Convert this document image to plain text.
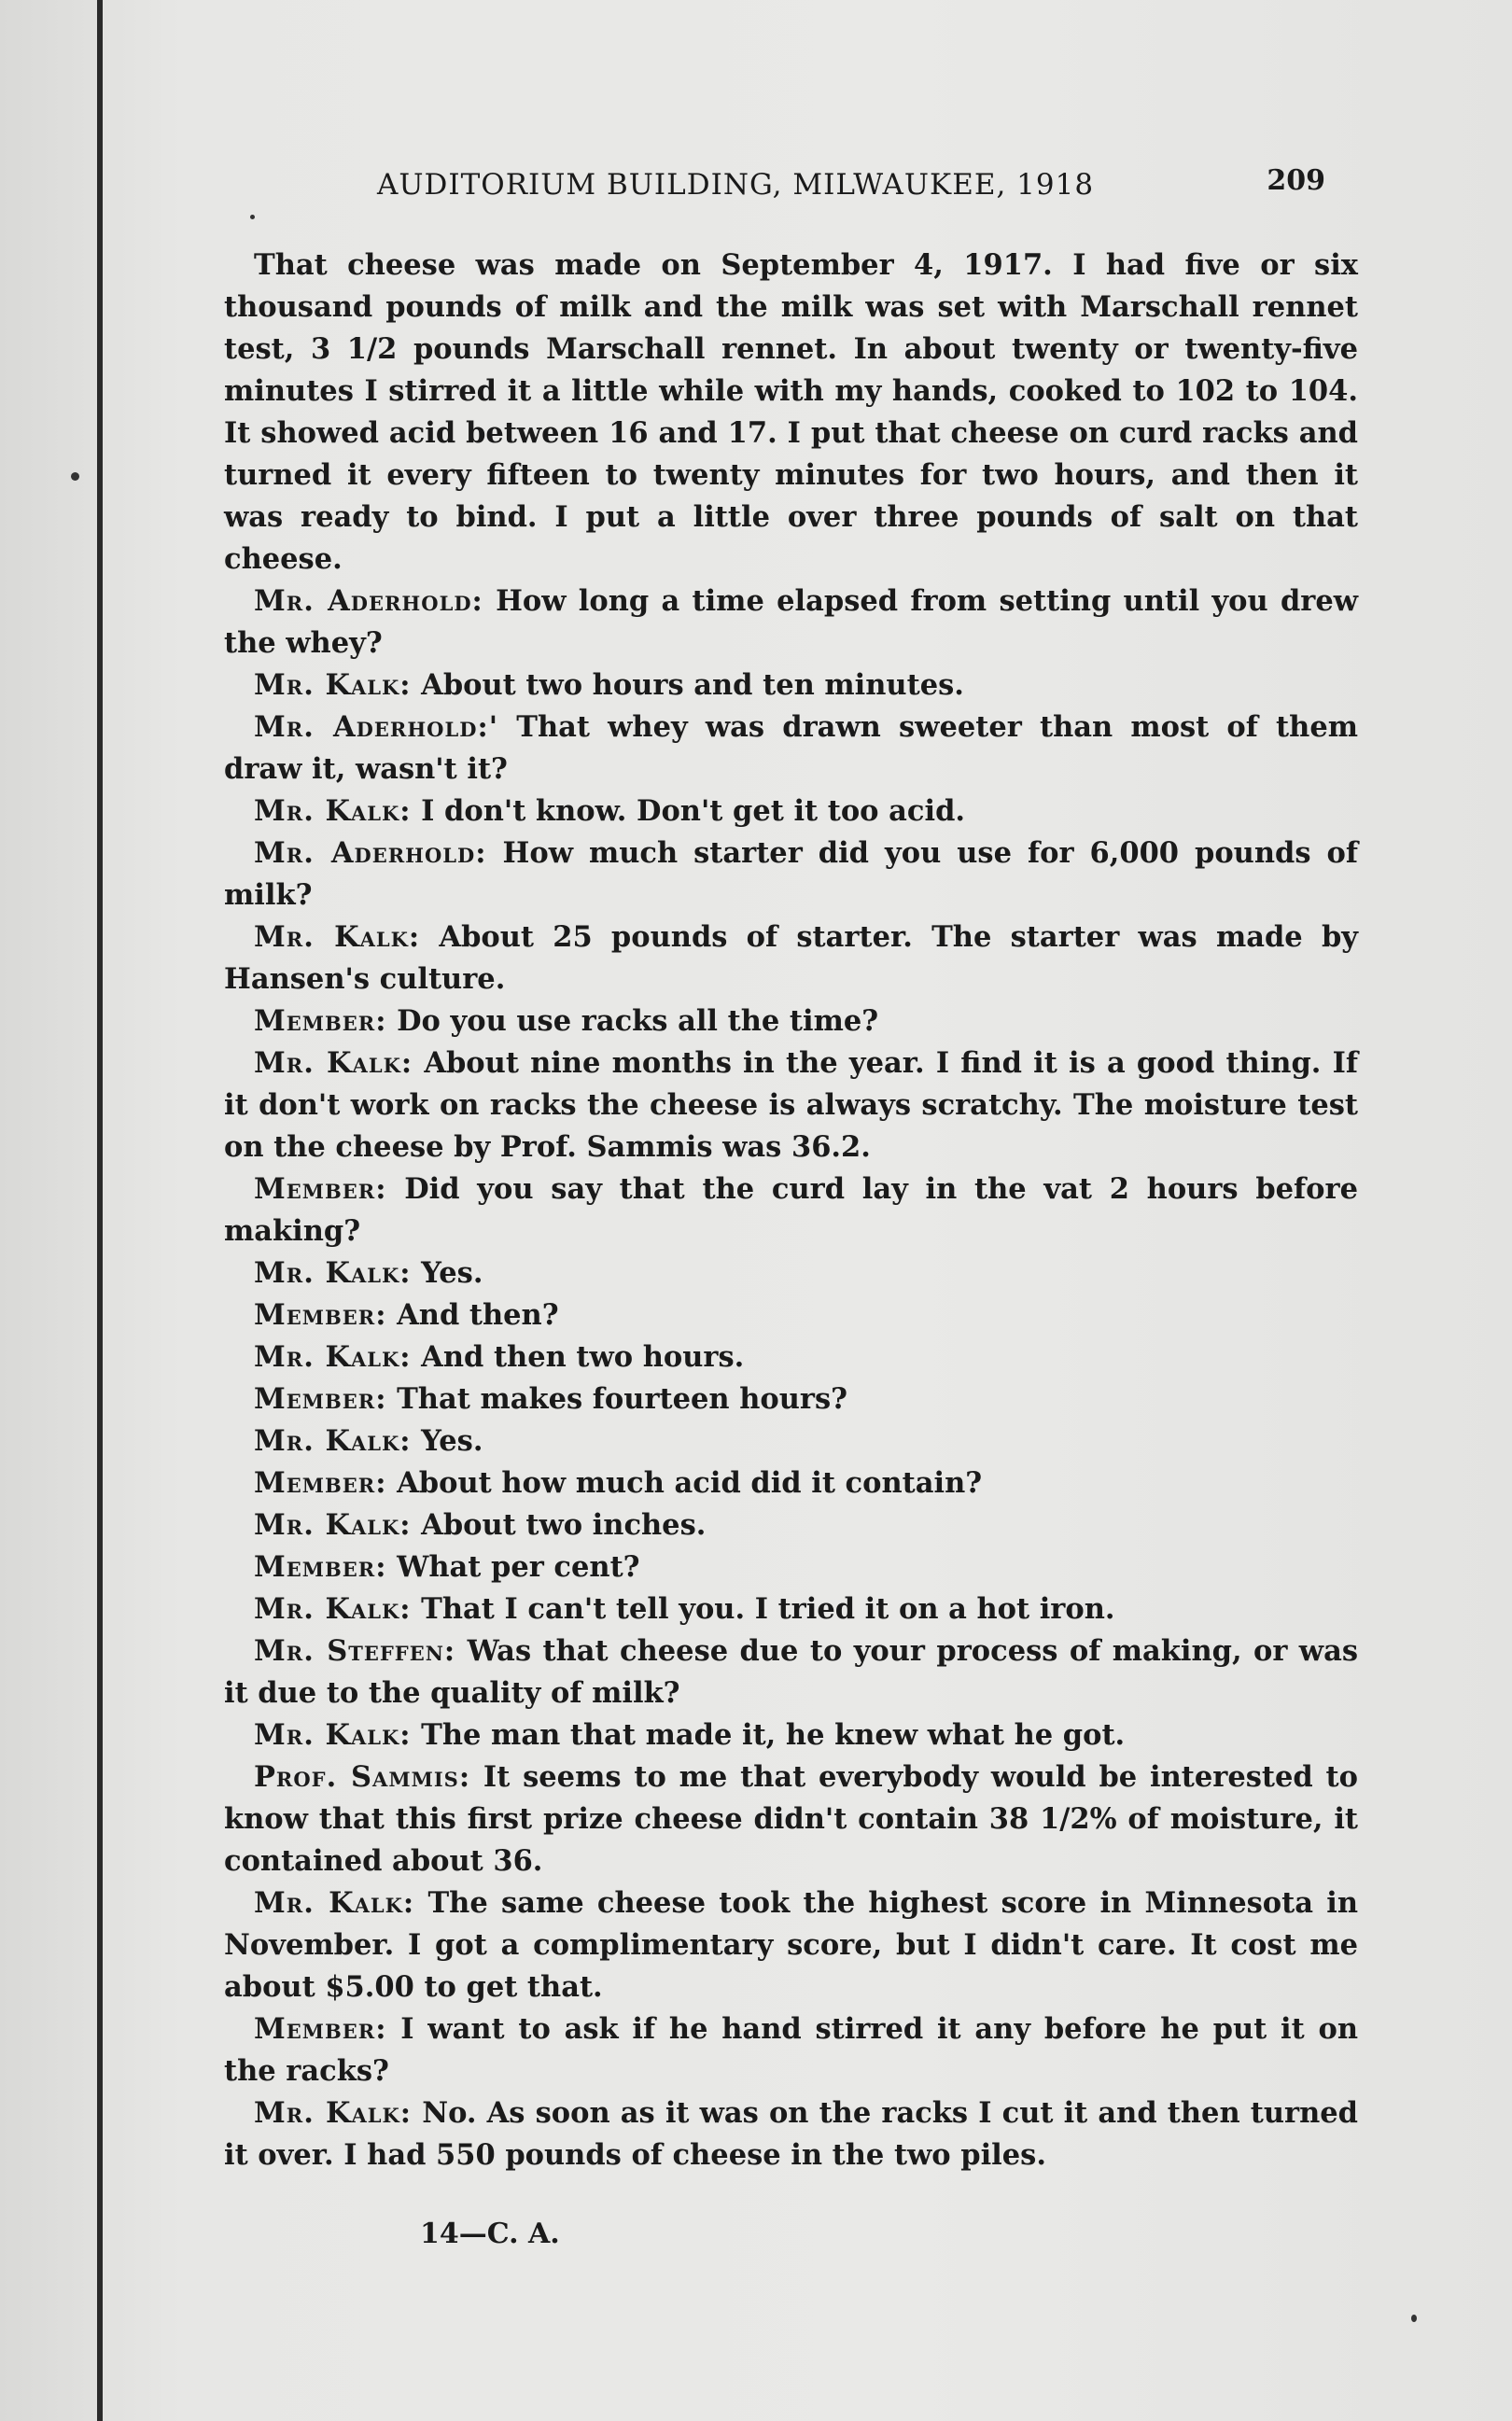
AUDITORIUM BUILDING, MILWAUKEE, 1918	209

That cheese was made on September 4, 1917. I had five or six thousand pounds of milk and the milk was set with Marschall rennet test, 3 1/2 pounds Marschall rennet. In about twenty or twenty-five minutes I stirred it a little while with my hands, cooked to 102 to 104. It showed acid between 16 and 17. I put that cheese on curd racks and turned it every fifteen to twenty minutes for two hours, and then it was ready to bind. I put a little over three pounds of salt on that cheese.

Mr. Aderhold: How long a time elapsed from setting until you drew the whey?

Mr. Kalk: About two hours and ten minutes.

Mr. Aderhold:' That whey was drawn sweeter than most of them draw it, wasn't it?

Mr. Kalk: I don't know. Don't get it too acid.

Mr. Aderhold: How much starter did you use for 6,000 pounds of milk?

Mr. Kalk: About 25 pounds of starter. The starter was made by Hansen's culture.

Member: Do you use racks all the time?

Mr. Kalk: About nine months in the year. I find it is a good thing. If it don't work on racks the cheese is always scratchy. The moisture test on the cheese by Prof. Sammis was 36.2.

Member: Did you say that the curd lay in the vat 2 hours before making?

Mr. Kalk: Yes.

Member: And then?

Mr. Kalk: And then two hours.

Member: That makes fourteen hours?

Mr. Kalk: Yes.

Member: About how much acid did it contain?

Mr. Kalk: About two inches.

Member: What per cent?

Mr. Kalk: That I can't tell you. I tried it on a hot iron.

Mr. Steffen: Was that cheese due to your process of making, or was it due to the quality of milk?

Mr. Kalk: The man that made it, he knew what he got.

Prof. Sammis: It seems to me that everybody would be interested to know that this first prize cheese didn't contain 38 1/2% of moisture, it contained about 36.

Mr. Kalk: The same cheese took the highest score in Minnesota in November. I got a complimentary score, but I didn't care. It cost me about $5.00 to get that.

Member: I want to ask if he hand stirred it any before he put it on the racks?

Mr. Kalk: No. As soon as it was on the racks I cut it and then turned it over. I had 550 pounds of cheese in the two piles.

14—C. A.
